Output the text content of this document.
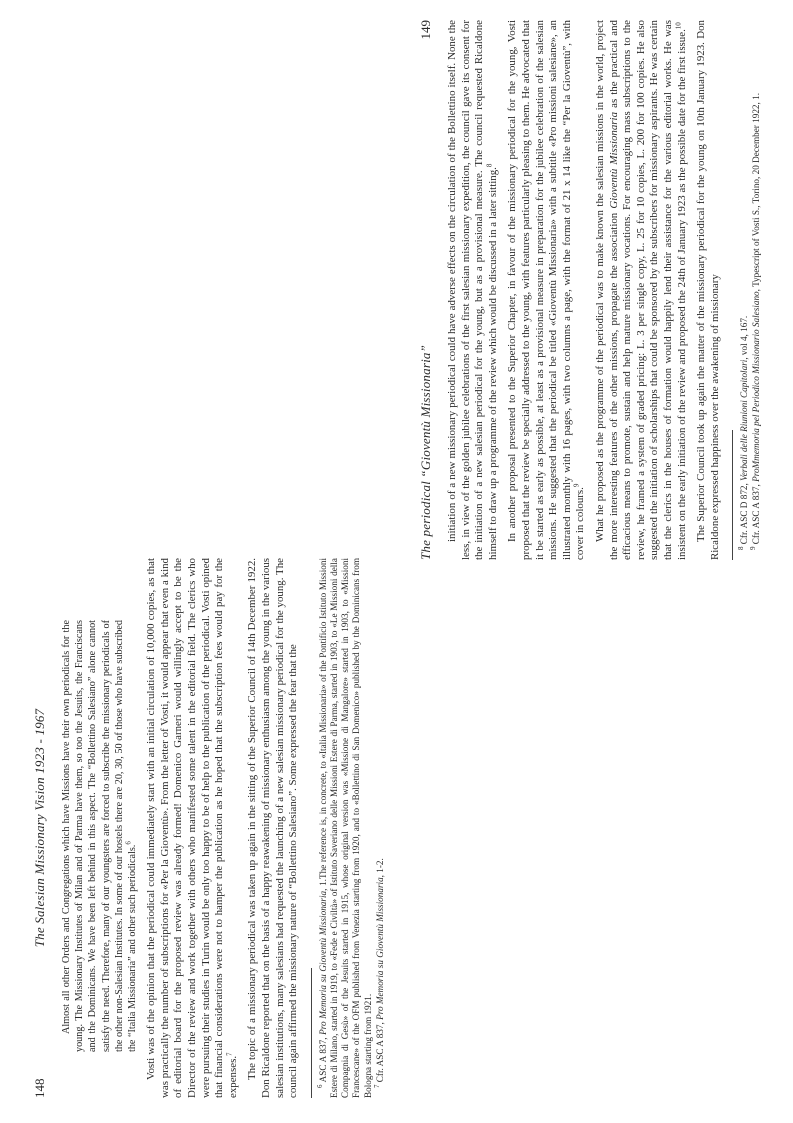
148
The Salesian Missionary Vision 1923 - 1967 Almost all other Orders and Congregations which have Missions have their own periodicals for the young. The Missionary Institutes of Milan and of Parma have them, so too the Jesuits, the Franciscans and the Dominicans. We have been left behind in this aspect. The “Bollettino Salesiano” alone cannot satisfy the need. Therefore, many of our youngsters are forced to subscribe the missionary periodicals of the other non-Salesian Institutes. In some of our hostels there are 20, 30, 50 of those who have subscribed the “Italia Missionaria” and other such periodicals.$^6$	Vosti was of the opinion that the periodical could immediately start with an initial circulation of 10,000 copies, as that was practically the number of subscriptions for «Per la Gioventù». From the letter of Vosti, it would appear that even a kind of editorial board for the proposed review was already formed! Domenico Garneri would willingly accept to be the Director of the review and work together with others who manifested some talent in the editorial field. The clerics who were pursuing their studies in Turin would be only too happy to be of help to the publication of the periodical. Vosti opined that financial considerations were not to hamper the publication as he hoped that the subscription fees would pay for the expenses.$^7$	The topic of a missionary periodical was taken up again in the sitting of the Superior Council of 14th December 1922. Don Ricaldone reported that on the basis of a happy reawakening of missionary enthusiasm among the young in the various salesian institutions, many salesians had requested the launching of a new salesian missionary periodical for the young. The council again affirmed the missionary nature of “Bollettino Salesiano”. Some expressed the fear that the $^6$ ASC A 837, Pro Memoria su Gioventù Missionaria, 1.The reference is, in concrete, to «Italia Missionaria» of the Pontificio Istituto Missioni Estere di Milano, started in 1919, to «Fede e Civiltà» of Istituto Saveriano delle Missioni Estere di Parma, started in 1903, to «Le Missioni della Compagnia di Gesù» of the Jesuits started in 1915, whose original version was «Missione di Mangalore» started in 1903, to «Missioni Francescane» of the OFM published from Venezia starting from 1920, and to «Bollettino di San Domenico» published by the Dominicans from Bologna starting from 1921. $^7$ Cfr. ASC A 837, Pro Memoria su Gioventù Missionaria, 1-2.

The periodical “Gioventù Missionaria”
149 initiation of a new missionary periodical could have adverse effects on the circulation of the Bollettino itself. None the less, in view of the golden jubilee celebrations of the first salesian missionary expedition, the council gave its consent for the initiation of a new salesian periodical for the young, but as a provisional measure. The council requested Ricaldone himself to draw up a programme of the review which would be discussed in a later sitting.$^8$	In another proposal presented to the Superior Chapter, in favour of the missionary periodical for the young, Vosti proposed that the review be specially addressed to the young, with features particularly pleasing to them. He advocated that it be started as early as possible, at least as a provisional measure in preparation for the jubilee celebration of the salesian missions. He suggested that the periodical be titled «Gioventù Missionaria» with a subtitle «Pro missioni salesiane», an illustrated monthly with 16 pages, with two columns a page, with the format of 21 x 14 like the “Per la Gioventù”, with cover in colours.$^9$	What he proposed as the programme of the periodical was to make known the salesian missions in the world, project the more interesting features of the other missions, propagate the association Gioventù Missionaria as the practical and efficacious means to promote, sustain and help mature missionary vocations. For encouraging mass subscriptions to the review, he framed a system of graded pricing: L. 3 per single copy, L. 25 for 10 copies, L. 200 for 100 copies. He also suggested the initiation of scholarships that could be sponsored by the subscribers for missionary aspirants. He was certain that the clerics in the houses of formation would happily lend their assistance for the various editorial works. He was insistent on the early initiation of the review and proposed the 24th of January 1923 as the possible date for the first issue.$^{10}$	The Superior Council took up again the matter of the missionary periodical for the young on 10th January 1923. Don Ricaldone expressed happiness over the awakening of missionary $^8$ Cfr. ASC D 872, Verbali delle Riunioni Capitolari, vol 4, 167.

$^9$ Cfr. ASC A 837, ProMmemoria pel Periodico Missionario Salesiano, Typescript of Vosti S., Torino, 20 December 1922, 1.
